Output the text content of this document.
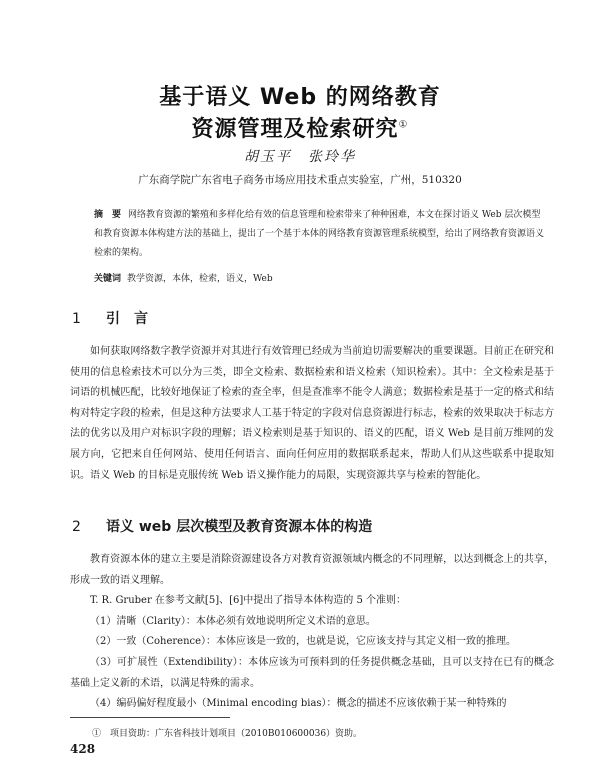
基于语义 Web 的网络教育
资源管理及检索研究①
胡玉平　张玲华
广东商学院广东省电子商务市场应用技术重点实验室，广州，510320
摘　要 网络教育资源的繁殖和多样化给有效的信息管理和检索带来了种种困难，本文在探讨语义 Web 层次模型和教育资源本体构建方法的基础上，提出了一个基于本体的网络教育资源管理系统模型，给出了网络教育资源语义检索的架构。
关键词 教学资源，本体，检索，语义，Web
1 引　言

如何获取网络数字教学资源并对其进行有效管理已经成为当前迫切需要解决的重要课题。目前正在研究和使用的信息检索技术可以分为三类，即全文检索、数据检索和语义检索（知识检索）。其中：全文检索是基于词语的机械匹配，比较好地保证了检索的查全率，但是查准率不能令人满意；数据检索是基于一定的格式和结构对特定字段的检索，但是这种方法要求人工基于特定的字段对信息资源进行标志，检索的效果取决于标志方法的优劣以及用户对标识字段的理解；语义检索则是基于知识的、语义的匹配，语义 Web 是目前万维网的发展方向，它把来自任何网站、使用任何语言、面向任何应用的数据联系起来，帮助人们从这些联系中提取知识。语义 Web 的目标是克服传统 Web 语义操作能力的局限，实现资源共享与检索的智能化。

2 语义 web 层次模型及教育资源本体的构造

教育资源本体的建立主要是消除资源建设各方对教育资源领域内概念的不同理解，以达到概念上的共享，形成一致的语义理解。

T. R. Gruber 在参考文献[5]、[6]中提出了指导本体构造的 5 个准则：

（1）清晰（Clarity）：本体必须有效地说明所定义术语的意思。

（2）一致（Coherence）：本体应该是一致的，也就是说，它应该支持与其定义相一致的推理。

（3）可扩展性（Extendibility）：本体应该为可预料到的任务提供概念基础，且可以支持在已有的概念基础上定义新的术语，以满足特殊的需求。

（4）编码偏好程度最小（Minimal encoding bias）：概念的描述不应该依赖于某一种特殊的

①　项目资助：广东省科技计划项目（2010B010600036）资助。
428
